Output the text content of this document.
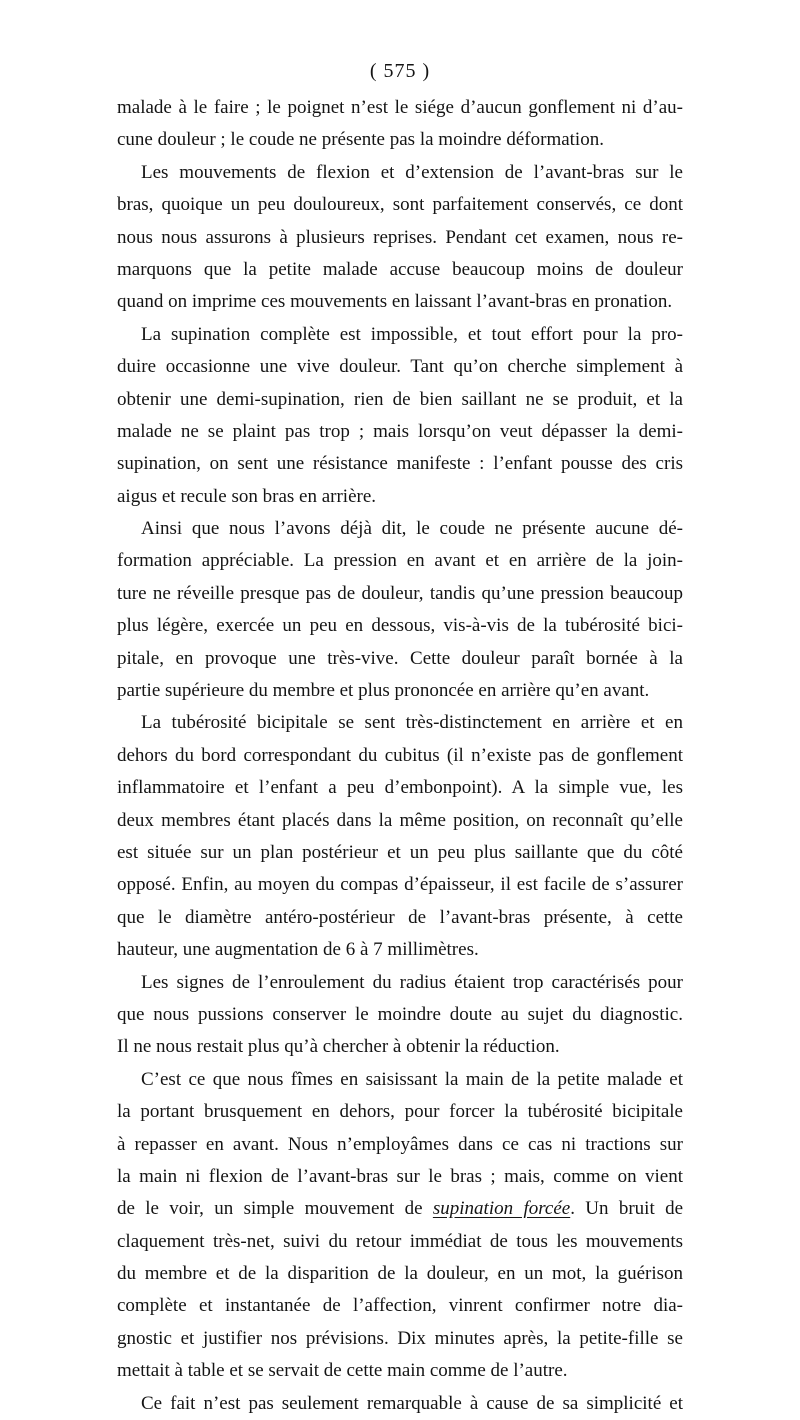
( 575 )
malade à le faire ; le poignet n’est le siége d’aucun gonflement ni d’au-
cune douleur ; le coude ne présente pas la moindre déformation.
Les mouvements de flexion et d’extension de l’avant-bras sur le
bras, quoique un peu douloureux, sont parfaitement conservés, ce dont
nous nous assurons à plusieurs reprises. Pendant cet examen, nous re-
marquons que la petite malade accuse beaucoup moins de douleur
quand on imprime ces mouvements en laissant l’avant-bras en pronation.
La supination complète est impossible, et tout effort pour la pro-
duire occasionne une vive douleur. Tant qu’on cherche simplement à
obtenir une demi-supination, rien de bien saillant ne se produit, et la
malade ne se plaint pas trop ; mais lorsqu’on veut dépasser la demi-
supination, on sent une résistance manifeste : l’enfant pousse des cris
aigus et recule son bras en arrière.
Ainsi que nous l’avons déjà dit, le coude ne présente aucune dé-
formation appréciable. La pression en avant et en arrière de la join-
ture ne réveille presque pas de douleur, tandis qu’une pression beaucoup
plus légère, exercée un peu en dessous, vis-à-vis de la tubérosité bici-
pitale, en provoque une très-vive. Cette douleur paraît bornée à la
partie supérieure du membre et plus prononcée en arrière qu’en avant.
La tubérosité bicipitale se sent très-distinctement en arrière et en
dehors du bord correspondant du cubitus (il n’existe pas de gonflement
inflammatoire et l’enfant a peu d’embonpoint). A la simple vue, les
deux membres étant placés dans la même position, on reconnaît qu’elle
est située sur un plan postérieur et un peu plus saillante que du côté
opposé. Enfin, au moyen du compas d’épaisseur, il est facile de s’assurer
que le diamètre antéro-postérieur de l’avant-bras présente, à cette
hauteur, une augmentation de 6 à 7 millimètres.
Les signes de l’enroulement du radius étaient trop caractérisés pour
que nous pussions conserver le moindre doute au sujet du diagnostic.
Il ne nous restait plus qu’à chercher à obtenir la réduction.
C’est ce que nous fîmes en saisissant la main de la petite malade et
la portant brusquement en dehors, pour forcer la tubérosité bicipitale
à repasser en avant. Nous n’employâmes dans ce cas ni tractions sur
la main ni flexion de l’avant-bras sur le bras ; mais, comme on vient
de le voir, un simple mouvement de supination forcée. Un bruit de
claquement très-net, suivi du retour immédiat de tous les mouvements
du membre et de la disparition de la douleur, en un mot, la guérison
complète et instantanée de l’affection, vinrent confirmer notre dia-
gnostic et justifier nos prévisions. Dix minutes après, la petite-fille se
mettait à table et se servait de cette main comme de l’autre.
Ce fait n’est pas seulement remarquable à cause de sa simplicité et
